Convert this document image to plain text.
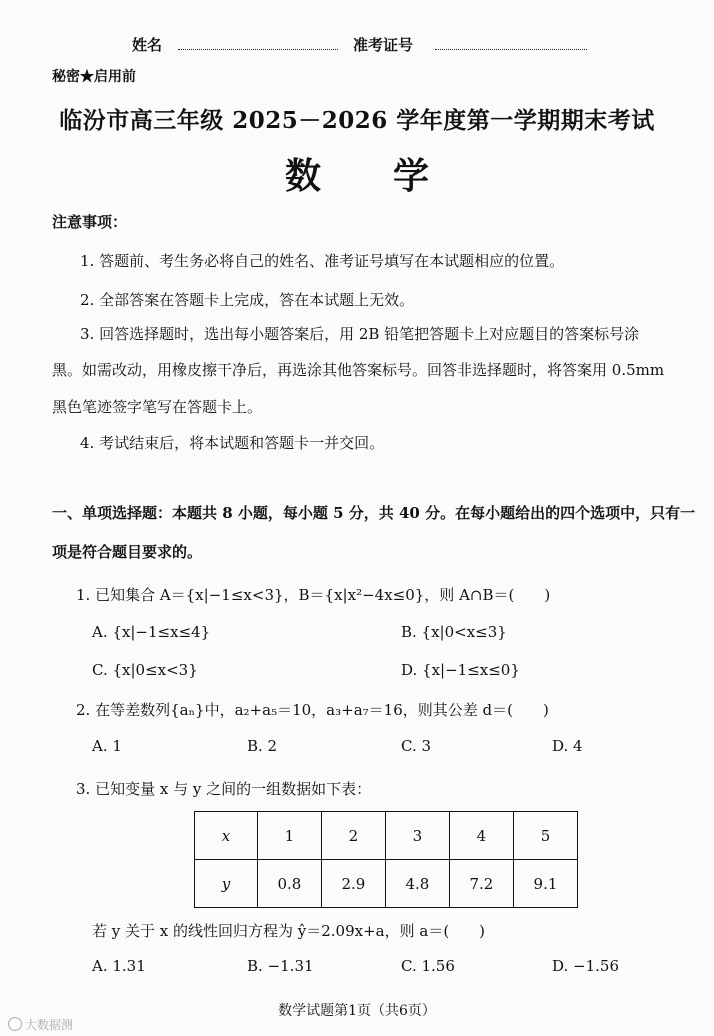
姓名	准考证号
秘密★启用前
临汾市高三年级 2025－2026 学年度第一学期期末考试
数　　学
注意事项：
1. 答题前、考生务必将自己的姓名、准考证号填写在本试题相应的位置。
2. 全部答案在答题卡上完成，答在本试题上无效。
3. 回答选择题时，选出每小题答案后，用 2B 铅笔把答题卡上对应题目的答案标号涂
黑。如需改动，用橡皮擦干净后，再选涂其他答案标号。回答非选择题时，将答案用 0.5mm
黑色笔迹签字笔写在答题卡上。
4. 考试结束后，将本试题和答题卡一并交回。
一、单项选择题：本题共 8 小题，每小题 5 分，共 40 分。在每小题给出的四个选项中，只有一
项是符合题目要求的。
1. 已知集合 A＝{x|−1≤x<3}，B＝{x|x²−4x≤0}，则 A∩B＝(　　)
A. {x|−1≤x≤4}	B. {x|0<x≤3}
C. {x|0≤x<3}	D. {x|−1≤x≤0}
2. 在等差数列{aₙ}中，a₂+a₅＝10，a₃+a₇＝16，则其公差 d＝(　　)
A. 1	B. 2	C. 3	D. 4
3. 已知变量 x 与 y 之间的一组数据如下表：
x	1	2	3	4	5
y	0.8	2.9	4.8	7.2	9.1
若 y 关于 x 的线性回归方程为 ŷ＝2.09x+a，则 a＝(　　)
A. 1.31	B. −1.31	C. 1.56	D. −1.56
数学试题第1页（共6页）
大数据测
